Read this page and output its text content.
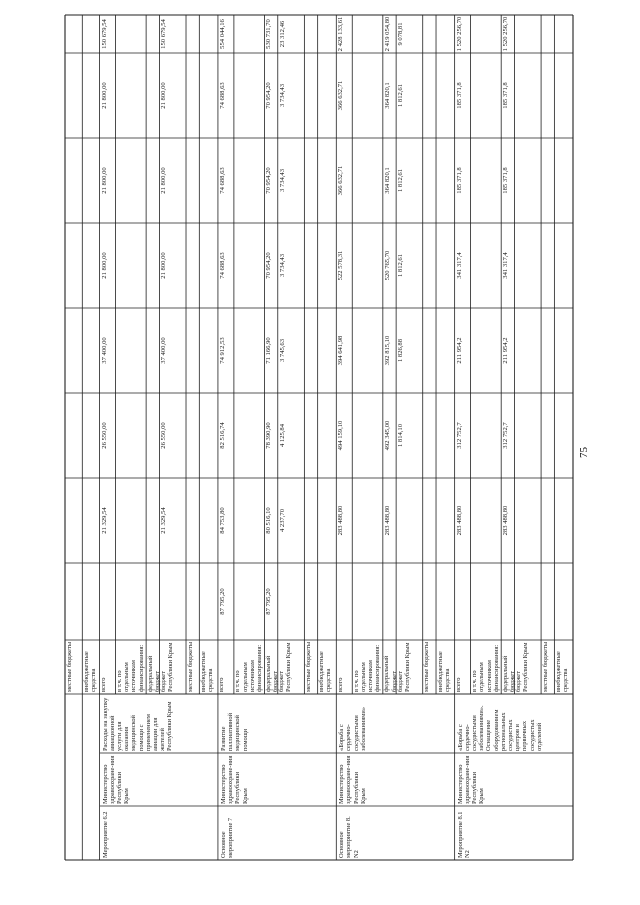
местные бюджеты	внебюджетные средства
Мероприятие 6.2
Министерство здравоохране-ния Республики Крым
Расходы на закупку авиационной услуги для оказания медицинской помощи с применением авиации для жителей Республики Крым
всего
21 329,54
26 550,00
37 400,00
21 800,00
21 800,00
21 800,00
150 679,54
в т.ч. по отдельным источникам финансирования: федеральный бюджет бюджет Республики Крым
21 329,54
26 550,00
37 400,00
21 800,00
21 800,00
21 800,00
150 679,54
местные бюджеты внебюджетные средства
Основное мероприятие 7
Министерство здравоохране-ния Республики Крым
Развитие паллиативной медицинской помощи
всего
87 795,20
84 753,80
82 516,74
74 912,53
74 688,63
74 688,63
74 688,63
554 044,16
в т.ч. по отдельным источникам финансирования: федеральный бюджет
87 795,20
80 516,10
78 390,90
71 166,90
70 954,20
70 954,20
70 954,20
530 731,70
бюджет Республики Крым
4 237,70
4 125,84
3 745,63
3 734,43
3 734,43
3 734,43
23 312,46
местные бюджеты внебюджетные средства
Основное мероприятие 8. N2
Министерство здравоохране-ния Республики Крым
«Борьба с сердечно-сосудистыми заболеваниями»
всего
283 488,80
494 159,10
394 641,98
522 578,31
366 632,71
366 632,71
2 428 133,61
в т.ч. по отдельным источникам финансирования: федеральный бюджет
283 488,80
492 345,00
392 815,10
520 765,70
364 820,1
364 820,1
2 419 054,80
бюджет Республики Крым
1 814,10
1 826,88
1 812,61
1 812,61
1 812,61
9 078,81
местные бюджеты внебюджетные средства
Мероприятие 8.1 N2
Министерство здравоохране-ния Республики Крым
«Борьба с сердечно-сосудистыми заболеваниями». Оснащение оборудованием региональных сосудистых центров и первичных сосудистых отделений
всего
283 488,80
312 752,7
211 954,2
341 317,4
185 371,8
185 371,8
1 520 256,70
в т.ч. по отдельным источникам финансирования: федеральный бюджет
283 488,80
312 752,7
211 954,2
341 317,4
185 371,8
185 371,8
1 520 256,70
бюджет Республики Крым	местные бюджеты внебюджетные средства
75
